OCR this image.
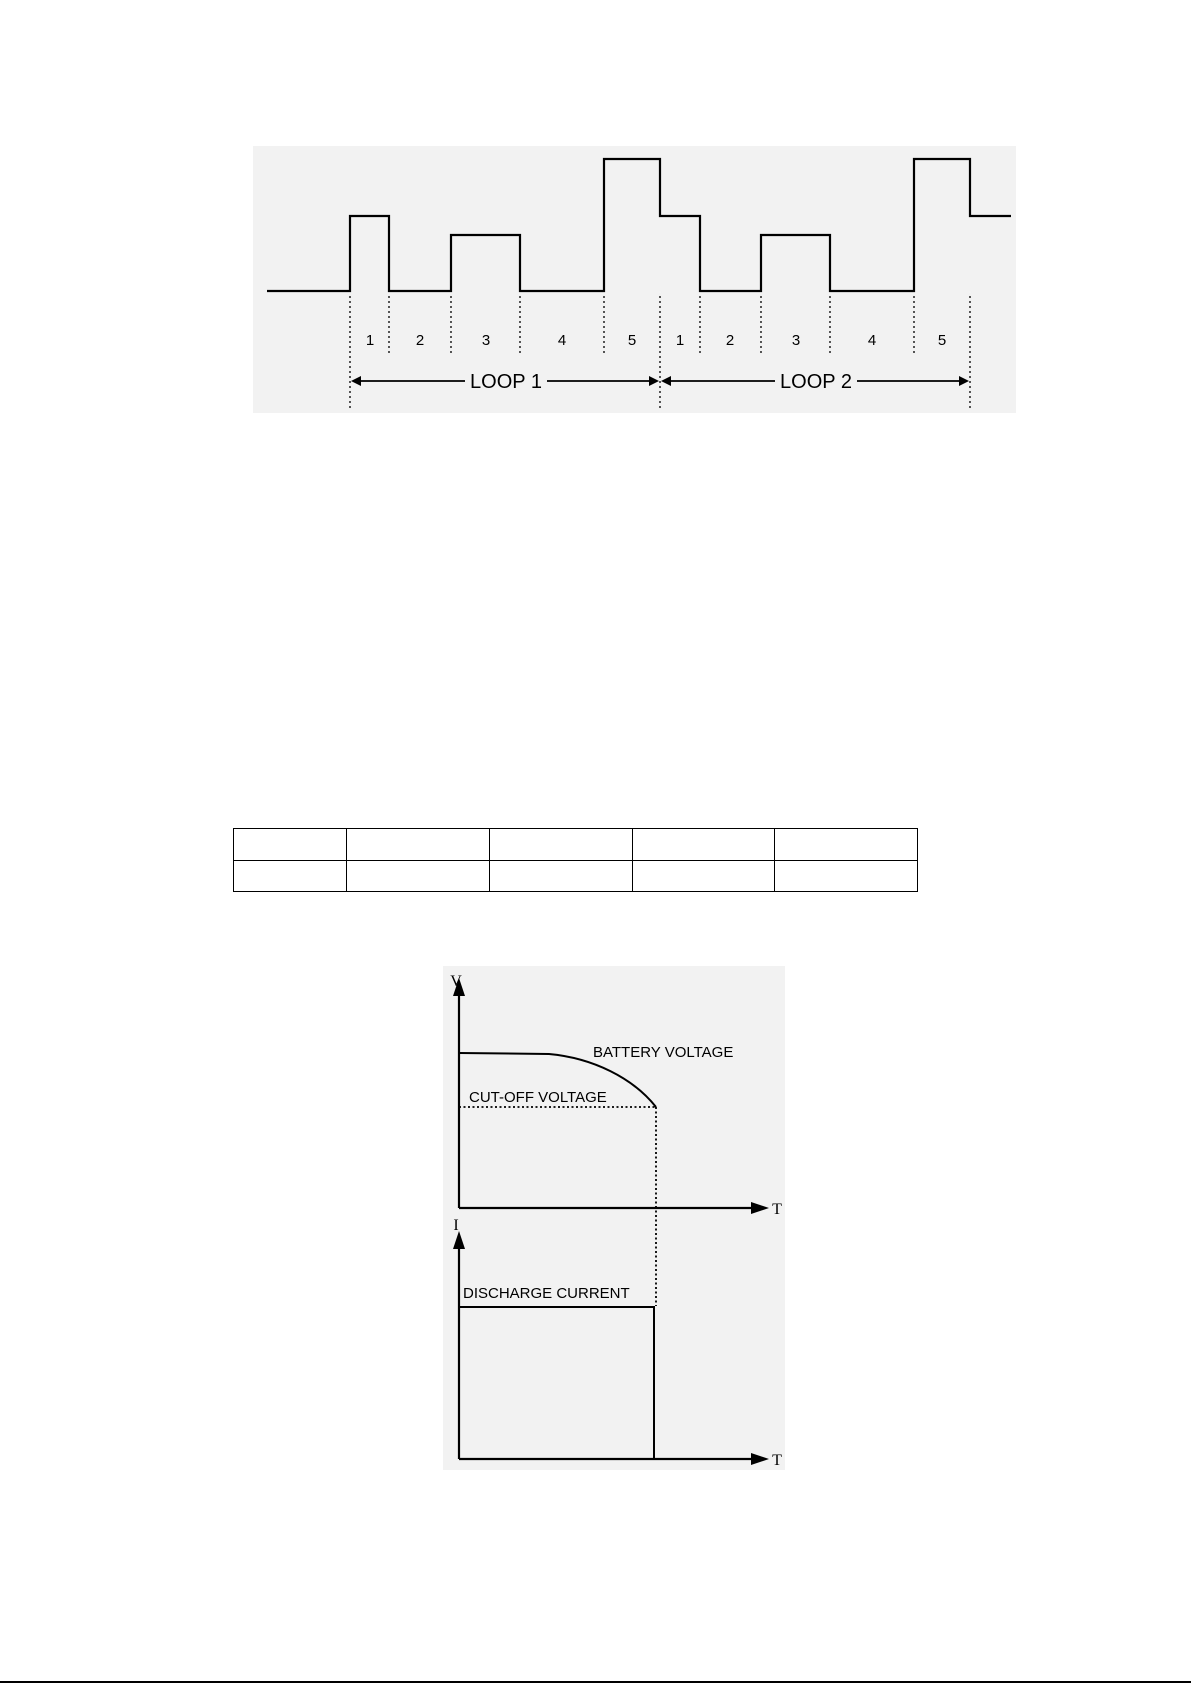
1	2	3	4	5	1	2	3	4	5
LOOP 1	LOOP 2

V
T
BATTERY VOLTAGE
CUT-OFF VOLTAGE
I
T
DISCHARGE CURRENT
